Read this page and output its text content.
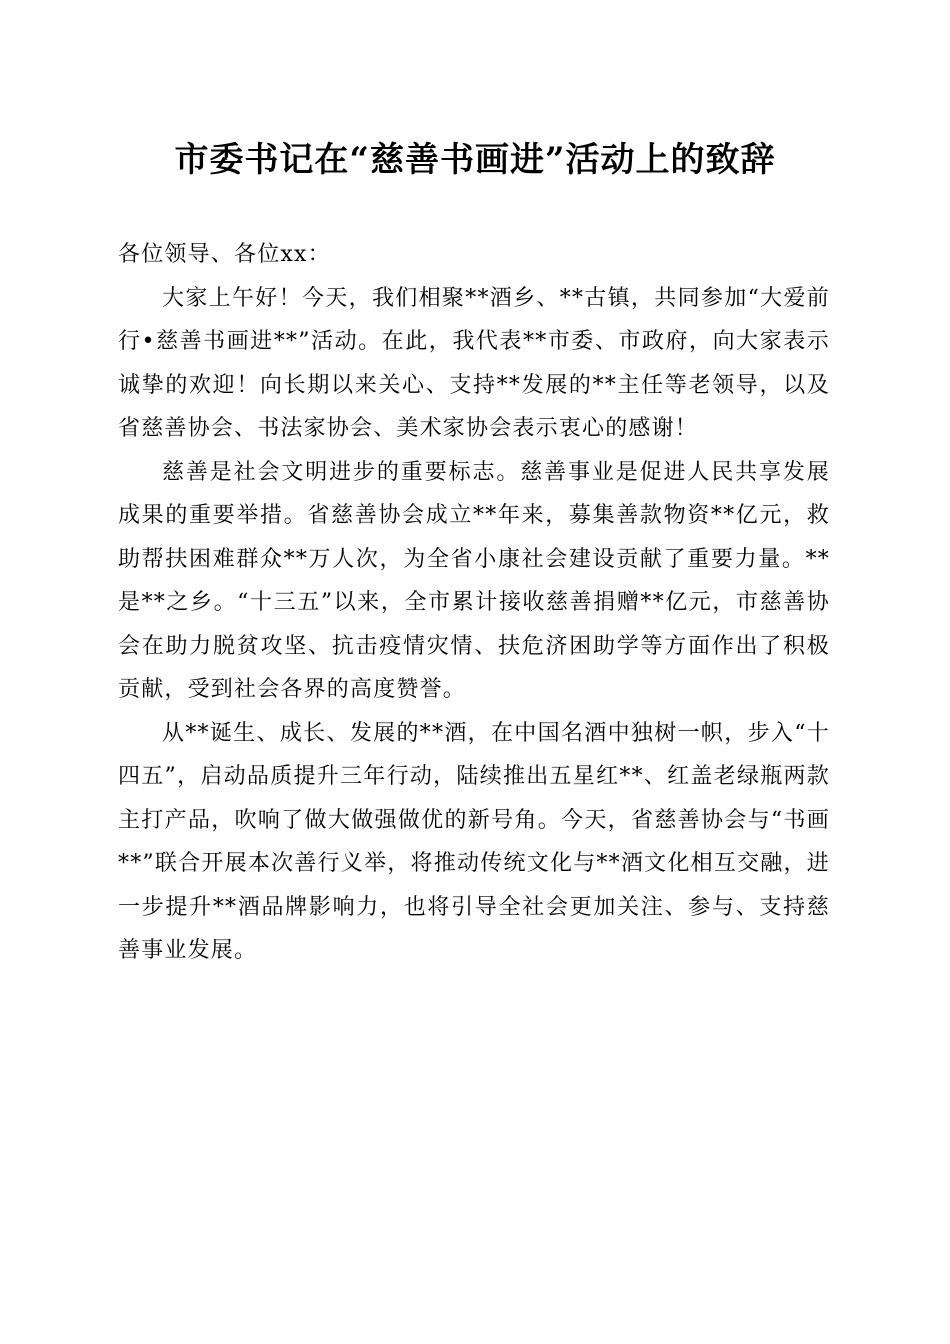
市委书记在“慈善书画进”活动上的致辞

各位领导、各位xx：

大家上午好！今天，我们相聚**酒乡、**古镇，共同参加“大爱前行•慈善书画进**”活动。在此，我代表**市委、市政府，向大家表示诚挚的欢迎！向长期以来关心、支持**发展的**主任等老领导，以及省慈善协会、书法家协会、美术家协会表示衷心的感谢！

慈善是社会文明进步的重要标志。慈善事业是促进人民共享发展成果的重要举措。省慈善协会成立**年来，募集善款物资**亿元，救助帮扶困难群众**万人次，为全省小康社会建设贡献了重要力量。**是**之乡。“十三五”以来，全市累计接收慈善捐赠**亿元，市慈善协会在助力脱贫攻坚、抗击疫情灾情、扶危济困助学等方面作出了积极贡献，受到社会各界的高度赞誉。

从**诞生、成长、发展的**酒，在中国名酒中独树一帜，步入“十四五”，启动品质提升三年行动，陆续推出五星红**、红盖老绿瓶两款主打产品，吹响了做大做强做优的新号角。今天，省慈善协会与“书画**”联合开展本次善行义举，将推动传统文化与**酒文化相互交融，进一步提升**酒品牌影响力，也将引导全社会更加关注、参与、支持慈善事业发展。
